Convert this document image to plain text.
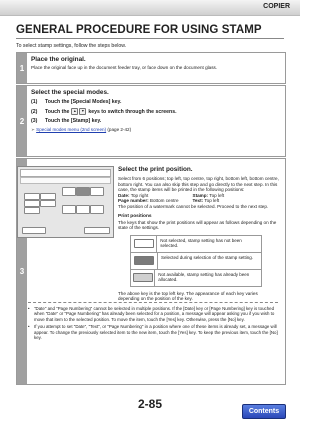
COPIER
GENERAL PROCEDURE FOR USING STAMP
To select stamp settings, follow the steps below.
1

Place the original.

Place the original face up in the document feeder tray, or face down on the document glass.

2

Select the special modes.

(1) Touch the [Special Modes] key.

(2) Touch the ▲ ▼ keys to switch through the screens.

(3) Touch the [Stamp] key.

➢ Special modes menu (2nd screen) (page 2-42)

3

Select the print position.

Select from 6 positions; top left, top centre, top right, bottom left, bottom centre, bottom right. You can also skip this step and go directly to the next step. In this case, the stamp items will be printed in the following positions:

Date: Top right	Stamp: Top left
Page number: Bottom centre	Text: Top left

The position of a watermark cannot be selected. Proceed to the next step.

Print positions

The keys that show the print positions will appear as follows depending on the state of the settings.

Not selected, stamp setting has not been selected.
Selected during selection of the stamp setting.
Not available, stamp setting has already been allocated.

The above key is the top left key. The appearance of each key varies depending on the position of the key.

• "Date" and "Page Numbering" cannot be selected in multiple positions. If the [Date] key or [Page Numbering] key is touched when "Date" or "Page Numbering" has already been selected for a position, a message will appear asking you if you wish to move that item to the selected position. To move the item, touch the [Yes] key. Otherwise, press the [No] key.

• If you attempt to set "Date", "Text", or "Page Numbering" in a position where one of these items is already set, a message will appear. To change the previously selected item to the new item, touch the [Yes] key. To keep the previous item, touch the [No] key.

2-85
Contents
